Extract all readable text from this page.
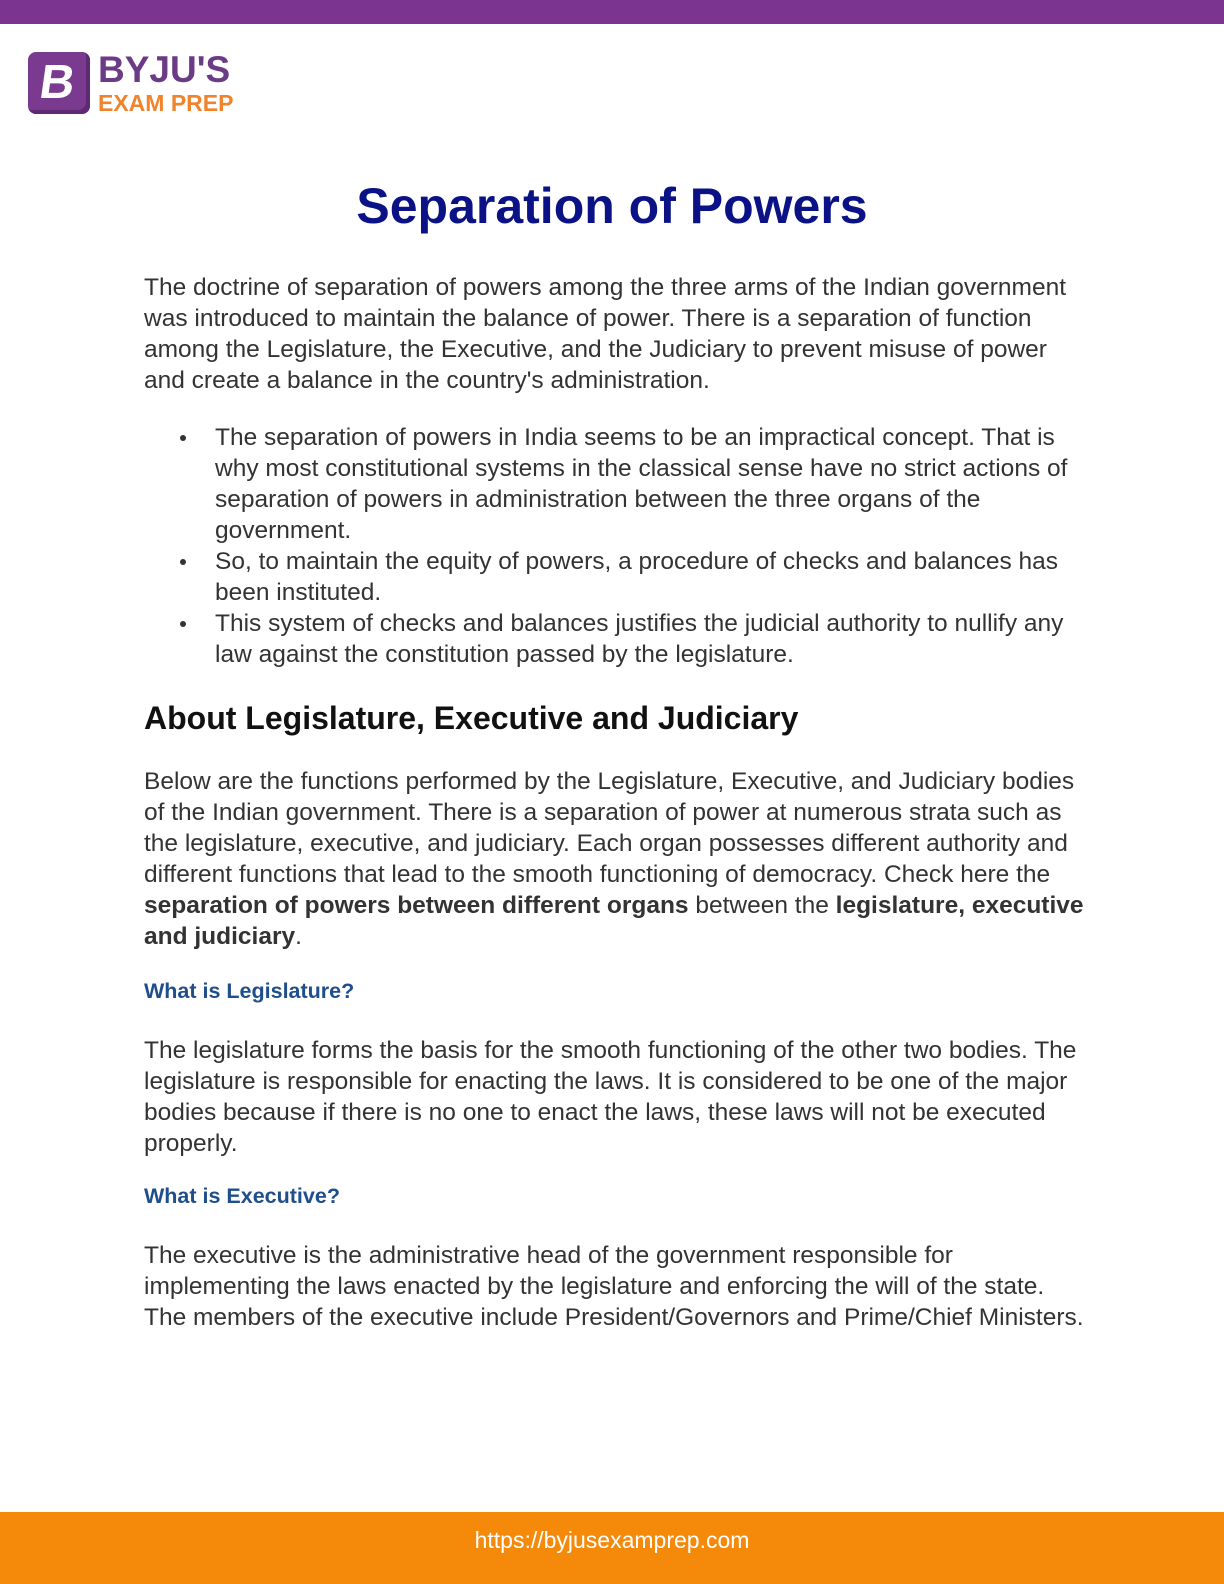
B BYJU'S
EXAM PREP
Separation of Powers

The doctrine of separation of powers among the three arms of the Indian government was introduced to maintain the balance of power. There is a separation of function among the Legislature, the Executive, and the Judiciary to prevent misuse of power and create a balance in the country's administration.

The separation of powers in India seems to be an impractical concept. That is why most constitutional systems in the classical sense have no strict actions of separation of powers in administration between the three organs of the government.
So, to maintain the equity of powers, a procedure of checks and balances has been instituted.
This system of checks and balances justifies the judicial authority to nullify any law against the constitution passed by the legislature.
About Legislature, Executive and Judiciary

Below are the functions performed by the Legislature, Executive, and Judiciary bodies of the Indian government. There is a separation of power at numerous strata such as the legislature, executive, and judiciary. Each organ possesses different authority and different functions that lead to the smooth functioning of democracy. Check here the separation of powers between different organs between the legislature, executive and judiciary.

What is Legislature?

The legislature forms the basis for the smooth functioning of the other two bodies. The legislature is responsible for enacting the laws. It is considered to be one of the major bodies because if there is no one to enact the laws, these laws will not be executed properly.

What is Executive?

The executive is the administrative head of the government responsible for implementing the laws enacted by the legislature and enforcing the will of the state. The members of the executive include President/Governors and Prime/Chief Ministers.

https://byjusexamprep.com
